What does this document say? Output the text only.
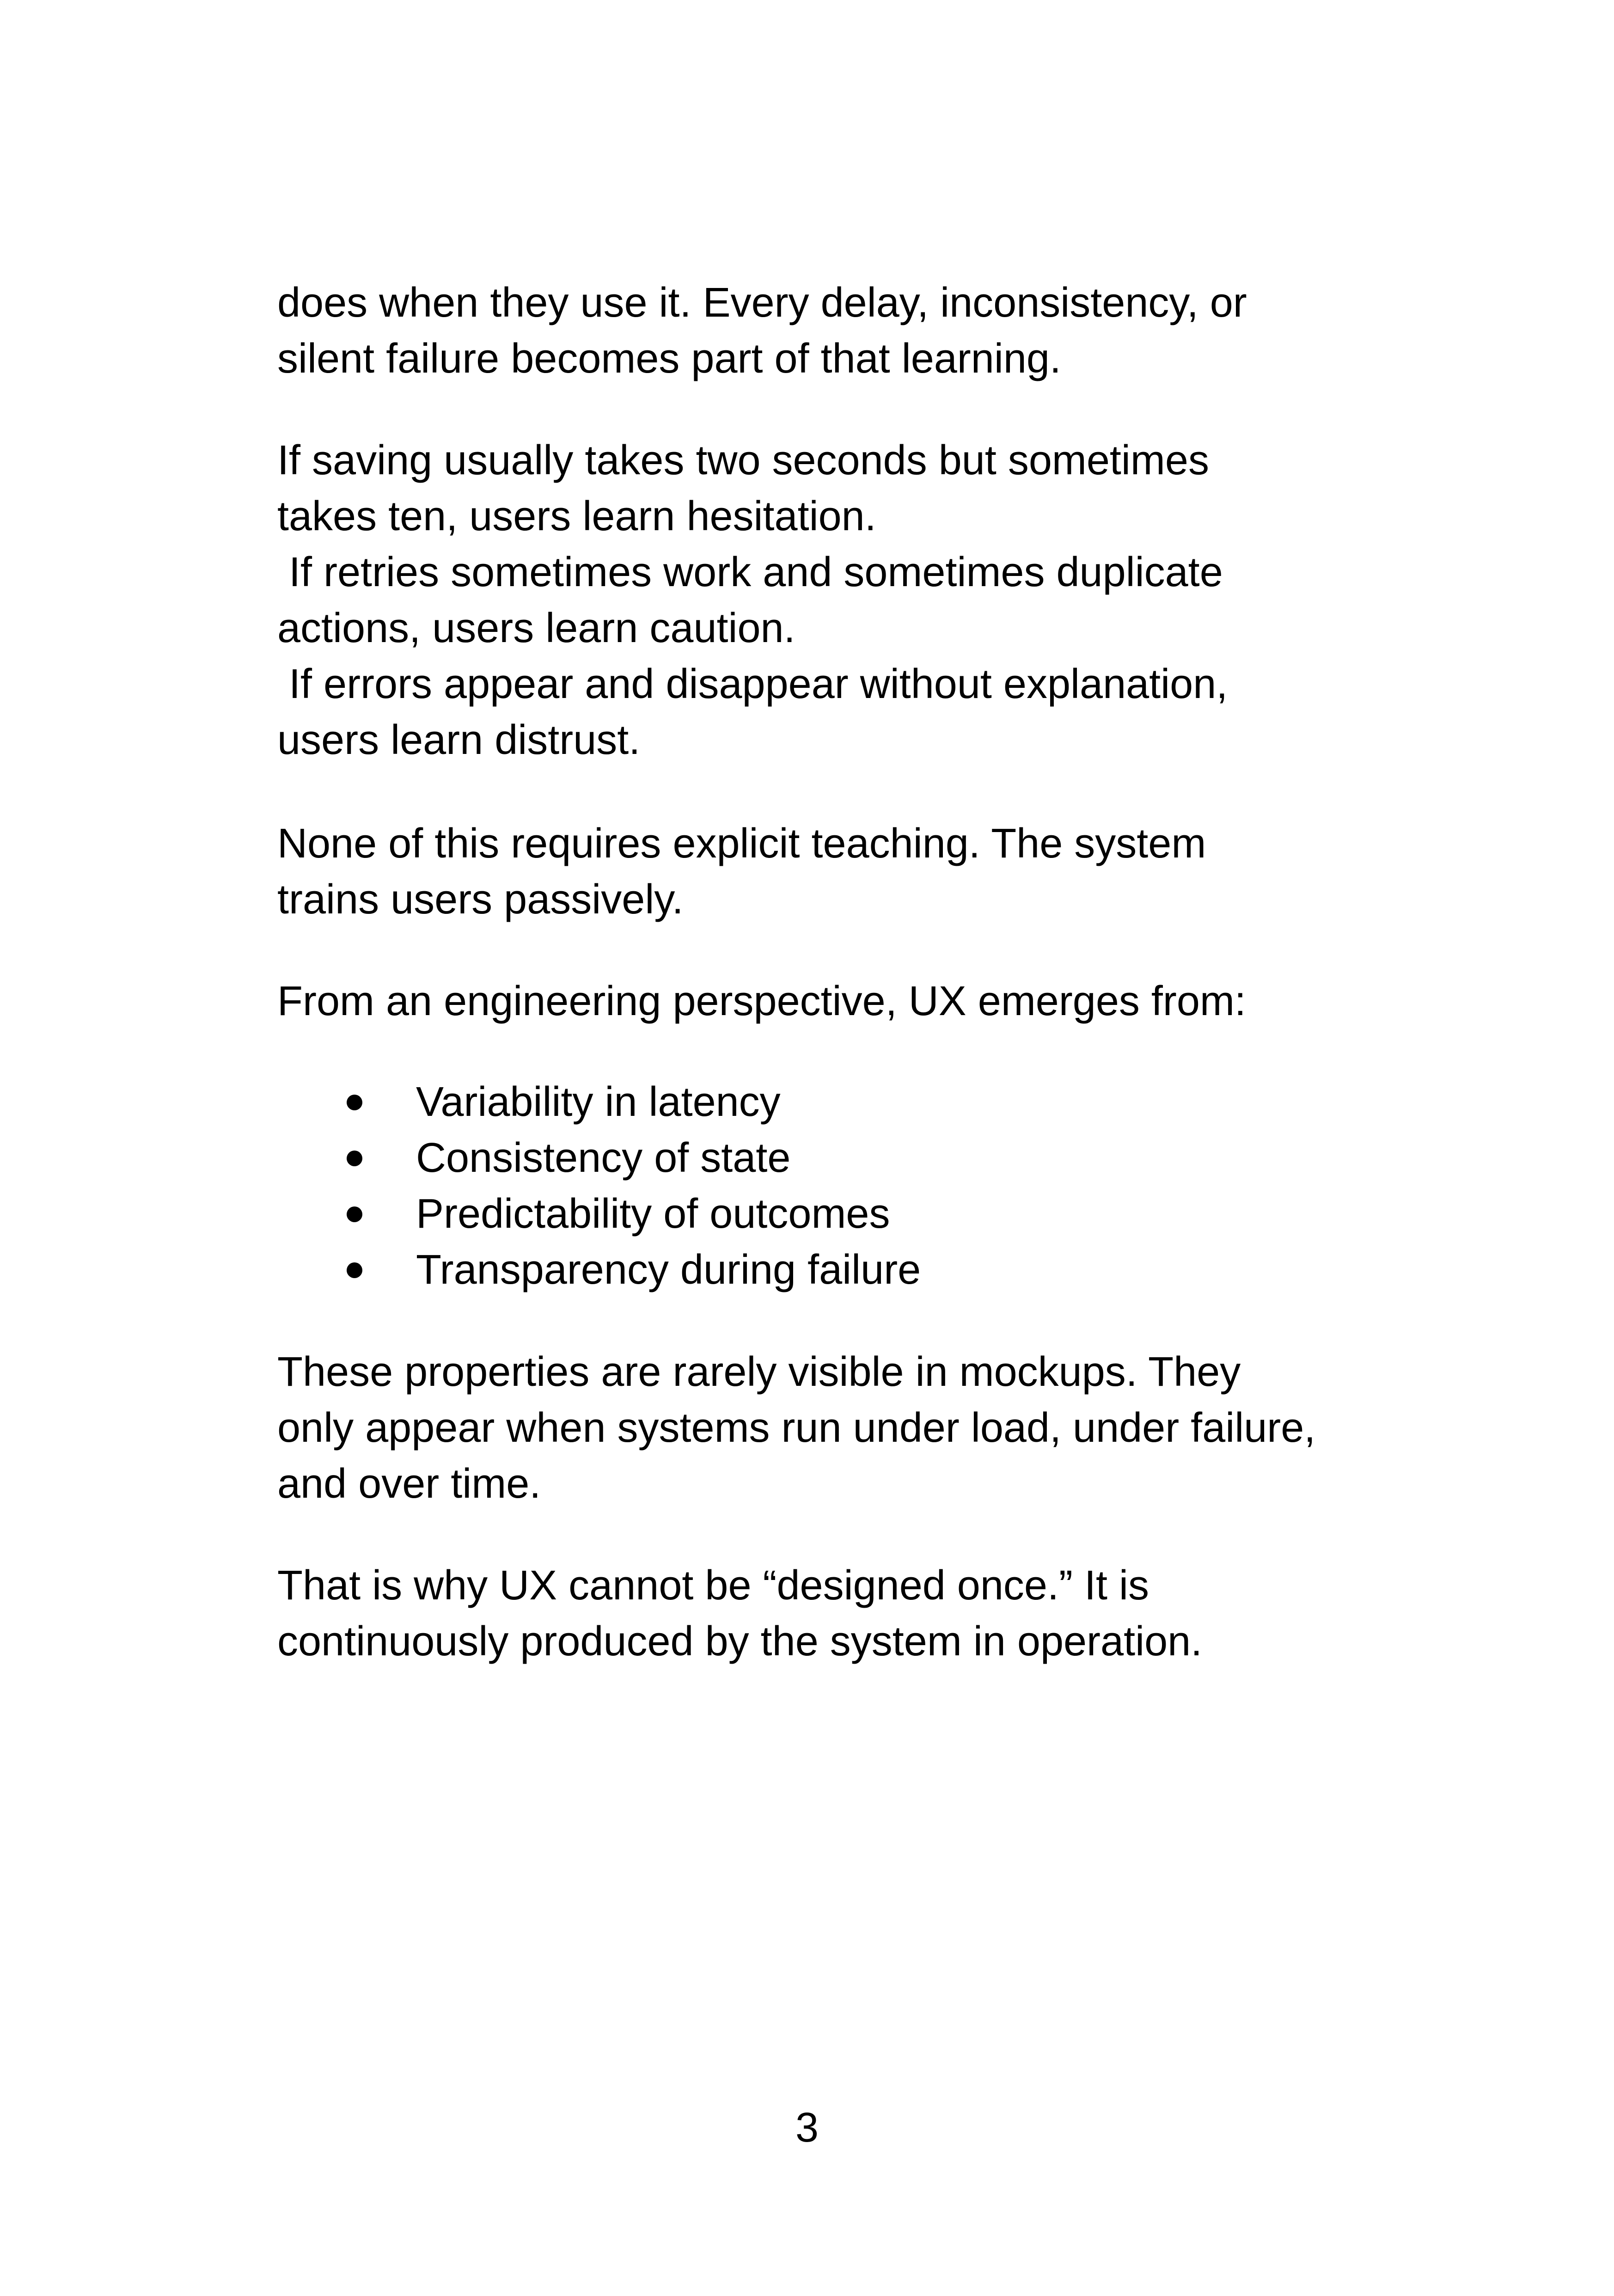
does when they use it. Every delay, inconsistency, or
silent failure becomes part of that learning.
If saving usually takes two seconds but sometimes
takes ten, users learn hesitation.
If retries sometimes work and sometimes duplicate
actions, users learn caution.
If errors appear and disappear without explanation,
users learn distrust.
None of this requires explicit teaching. The system
trains users passively.
From an engineering perspective, UX emerges from:
Variability in latency
Consistency of state
Predictability of outcomes
Transparency during failure
These properties are rarely visible in mockups. They
only appear when systems run under load, under failure,
and over time.
That is why UX cannot be “designed once.” It is
continuously produced by the system in operation.
3
